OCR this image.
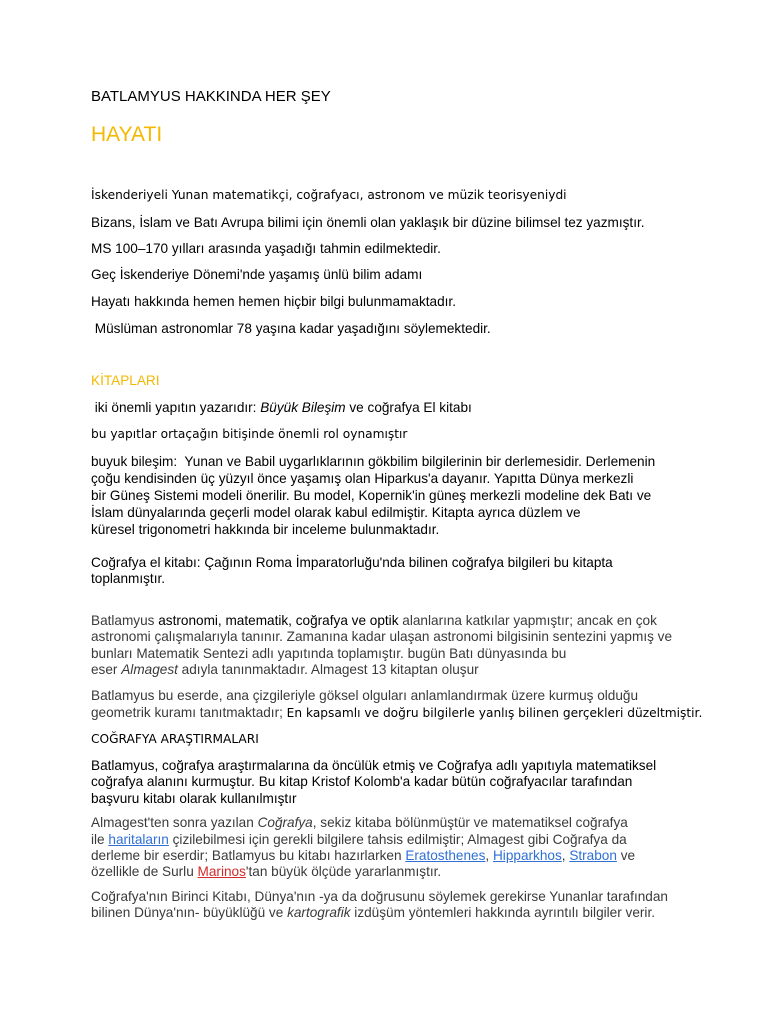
BATLAMYUS HAKKINDA HER ŞEY
HAYATI
İskenderiyeli Yunan matematikçi, coğrafyacı, astronom ve müzik teorisyeniydi
Bizans, İslam ve Batı Avrupa bilimi için önemli olan yaklaşık bir düzine bilimsel tez yazmıştır.
MS 100–170 yılları arasında yaşadığı tahmin edilmektedir.
Geç İskenderiye Dönemi'nde yaşamış ünlü bilim adamı
Hayatı hakkında hemen hemen hiçbir bilgi bulunmamaktadır.
Müslüman astronomlar 78 yaşına kadar yaşadığını söylemektedir.
KİTAPLARI
iki önemli yapıtın yazarıdır: Büyük Bileşim ve coğrafya El kitabı
bu yapıtlar ortaçağın bitişinde önemli rol oynamıştır
buyuk bileşim:  Yunan ve Babil uygarlıklarının gökbilim bilgilerinin bir derlemesidir. Derlemenin
çoğu kendisinden üç yüzyıl önce yaşamış olan Hiparkus'a dayanır. Yapıtta Dünya merkezli
bir Güneş Sistemi modeli önerilir. Bu model, Kopernik'in güneş merkezli modeline dek Batı ve
İslam dünyalarında geçerli model olarak kabul edilmiştir. Kitapta ayrıca düzlem ve
küresel trigonometri hakkında bir inceleme bulunmaktadır.
Coğrafya el kitabı: Çağının Roma İmparatorluğu'nda bilinen coğrafya bilgileri bu kitapta
toplanmıştır.
Batlamyus astronomi, matematik, coğrafya ve optik alanlarına katkılar yapmıştır; ancak en çok
astronomi çalışmalarıyla tanınır. Zamanına kadar ulaşan astronomi bilgisinin sentezini yapmış ve
bunları Matematik Sentezi adlı yapıtında toplamıştır. bugün Batı dünyasında bu
eser Almagest adıyla tanınmaktadır. Almagest 13 kitaptan oluşur
Batlamyus bu eserde, ana çizgileriyle göksel olguları anlamlandırmak üzere kurmuş olduğu
geometrik kuramı tanıtmaktadır; En kapsamlı ve doğru bilgilerle yanlış bilinen gerçekleri düzeltmiştir.
COĞRAFYA ARAŞTIRMALARI
Batlamyus, coğrafya araştırmalarına da öncülük etmiş ve Coğrafya adlı yapıtıyla matematiksel
coğrafya alanını kurmuştur. Bu kitap Kristof Kolomb'a kadar bütün coğrafyacılar tarafından
başvuru kitabı olarak kullanılmıştır
Almagest'ten sonra yazılan Coğrafya, sekiz kitaba bölünmüştür ve matematiksel coğrafya
ile haritaların çizilebilmesi için gerekli bilgilere tahsis edilmiştir; Almagest gibi Coğrafya da
derleme bir eserdir; Batlamyus bu kitabı hazırlarken Eratosthenes, Hipparkhos, Strabon ve
özellikle de Surlu Marinos'tan büyük ölçüde yararlanmıştır.
Coğrafya'nın Birinci Kitabı, Dünya'nın -ya da doğrusunu söylemek gerekirse Yunanlar tarafından
bilinen Dünya'nın- büyüklüğü ve kartografik izdüşüm yöntemleri hakkında ayrıntılı bilgiler verir.
